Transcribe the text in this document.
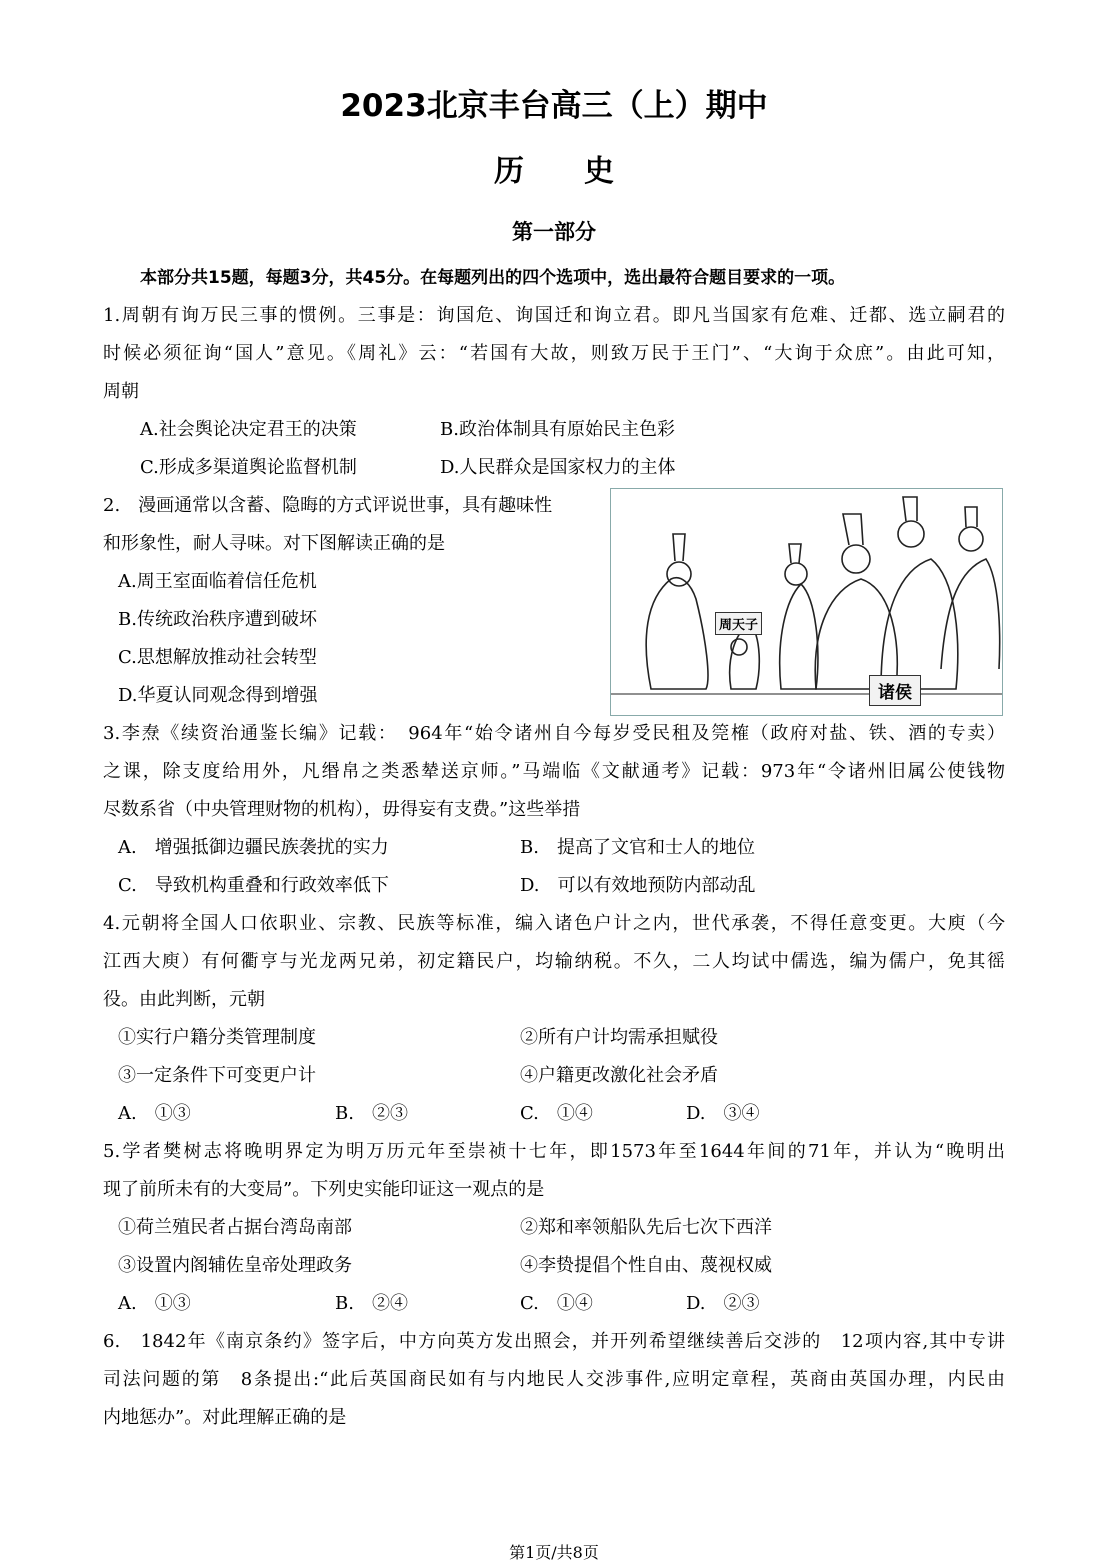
2023北京丰台高三（上）期中
历史
第一部分
本部分共15题，每题3分，共45分。在每题列出的四个选项中，选出最符合题目要求的一项。
1.周朝有询万民三事的惯例。三事是：询国危、询国迁和询立君。即凡当国家有危难、迁都、选立嗣君的
时候必须征询“国人”意见。《周礼》云：“若国有大故，则致万民于王门”、“大询于众庶”。由此可知，
周朝
A.社会舆论决定君王的决策	B.政治体制具有原始民主色彩
C.形成多渠道舆论监督机制	D.人民群众是国家权力的主体
2.　漫画通常以含蓄、隐晦的方式评说世事，具有趣味性
和形象性，耐人寻味。对下图解读正确的是
A.周王室面临着信任危机
B.传统政治秩序遭到破坏
C.思想解放推动社会转型
D.华夏认同观念得到增强
周天子
诸侯
3.李焘《续资治通鉴长编》记载：　964年“始令诸州自今每岁受民租及筦榷（政府对盐、铁、酒的专卖）
之课，除支度给用外，凡缗帛之类悉辇送京师。”马端临《文献通考》记载：973年“令诸州旧属公使钱物
尽数系省（中央管理财物的机构），毋得妄有支费。”这些举措
A.　增强抵御边疆民族袭扰的实力	B.　提高了文官和士人的地位
C.　导致机构重叠和行政效率低下	D.　可以有效地预防内部动乱
4.元朝将全国人口依职业、宗教、民族等标准，编入诸色户计之内，世代承袭，不得任意变更。大庾（今
江西大庾）有何衢亨与光龙两兄弟，初定籍民户，均输纳税。不久，二人均试中儒选，编为儒户，免其徭
役。由此判断，元朝
①实行户籍分类管理制度	②所有户计均需承担赋役
③一定条件下可变更户计	④户籍更改激化社会矛盾
A.　①③	B.　②③	C.　①④	D.　③④
5.学者樊树志将晚明界定为明万历元年至崇祯十七年，即1573年至1644年间的71年，并认为“晚明出
现了前所未有的大变局”。下列史实能印证这一观点的是
①荷兰殖民者占据台湾岛南部	②郑和率领船队先后七次下西洋
③设置内阁辅佐皇帝处理政务	④李贽提倡个性自由、蔑视权威
A.　①③	B.　②④	C.　①④	D.　②③
6.　1842年《南京条约》签字后，中方向英方发出照会，并开列希望继续善后交涉的　12项内容,其中专讲
司法问题的第　8条提出:“此后英国商民如有与内地民人交涉事件,应明定章程，英商由英国办理，内民由
内地惩办”。对此理解正确的是
第1页/共8页
